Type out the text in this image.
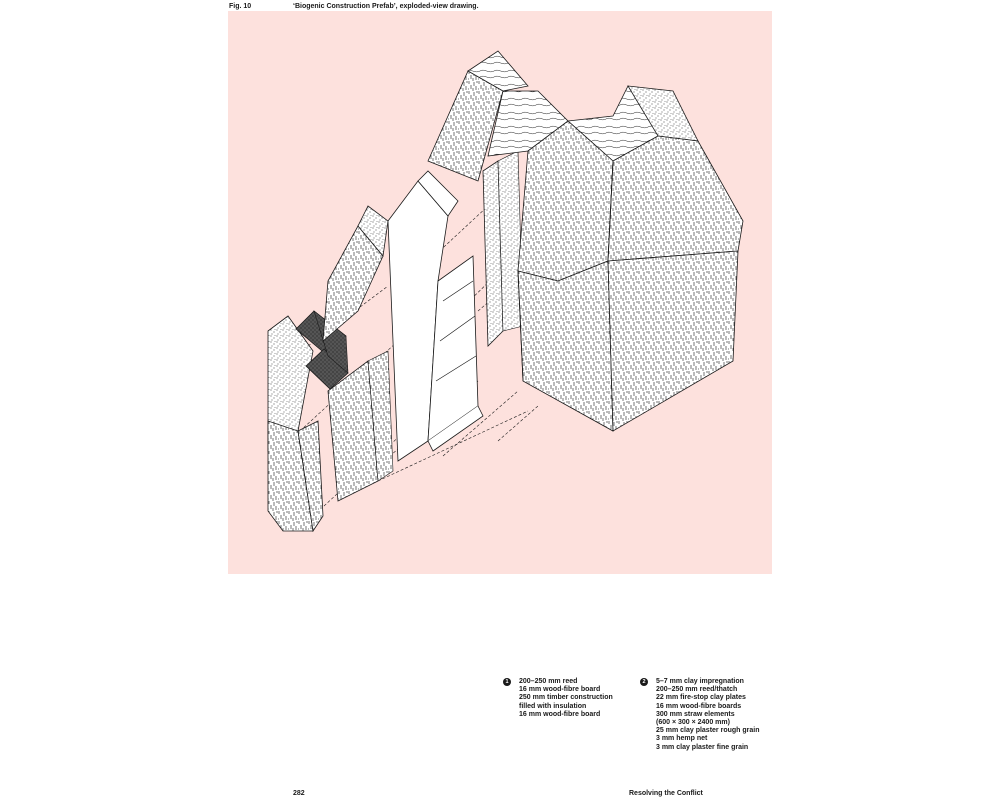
Fig. 10	‘Biogenic Construction Prefab’, exploded-view drawing.
1	200–250 mm reed
16 mm wood-fibre board
250 mm timber construction
filled with insulation
16 mm wood-fibre board
2	5–7 mm clay impregnation
200–250 mm reed/thatch
22 mm fire-stop clay plates
16 mm wood-fibre boards
300 mm straw elements
(600 × 300 × 2400 mm)
25 mm clay plaster rough grain
3 mm hemp net
3 mm clay plaster fine grain
282	Resolving the Conflict
